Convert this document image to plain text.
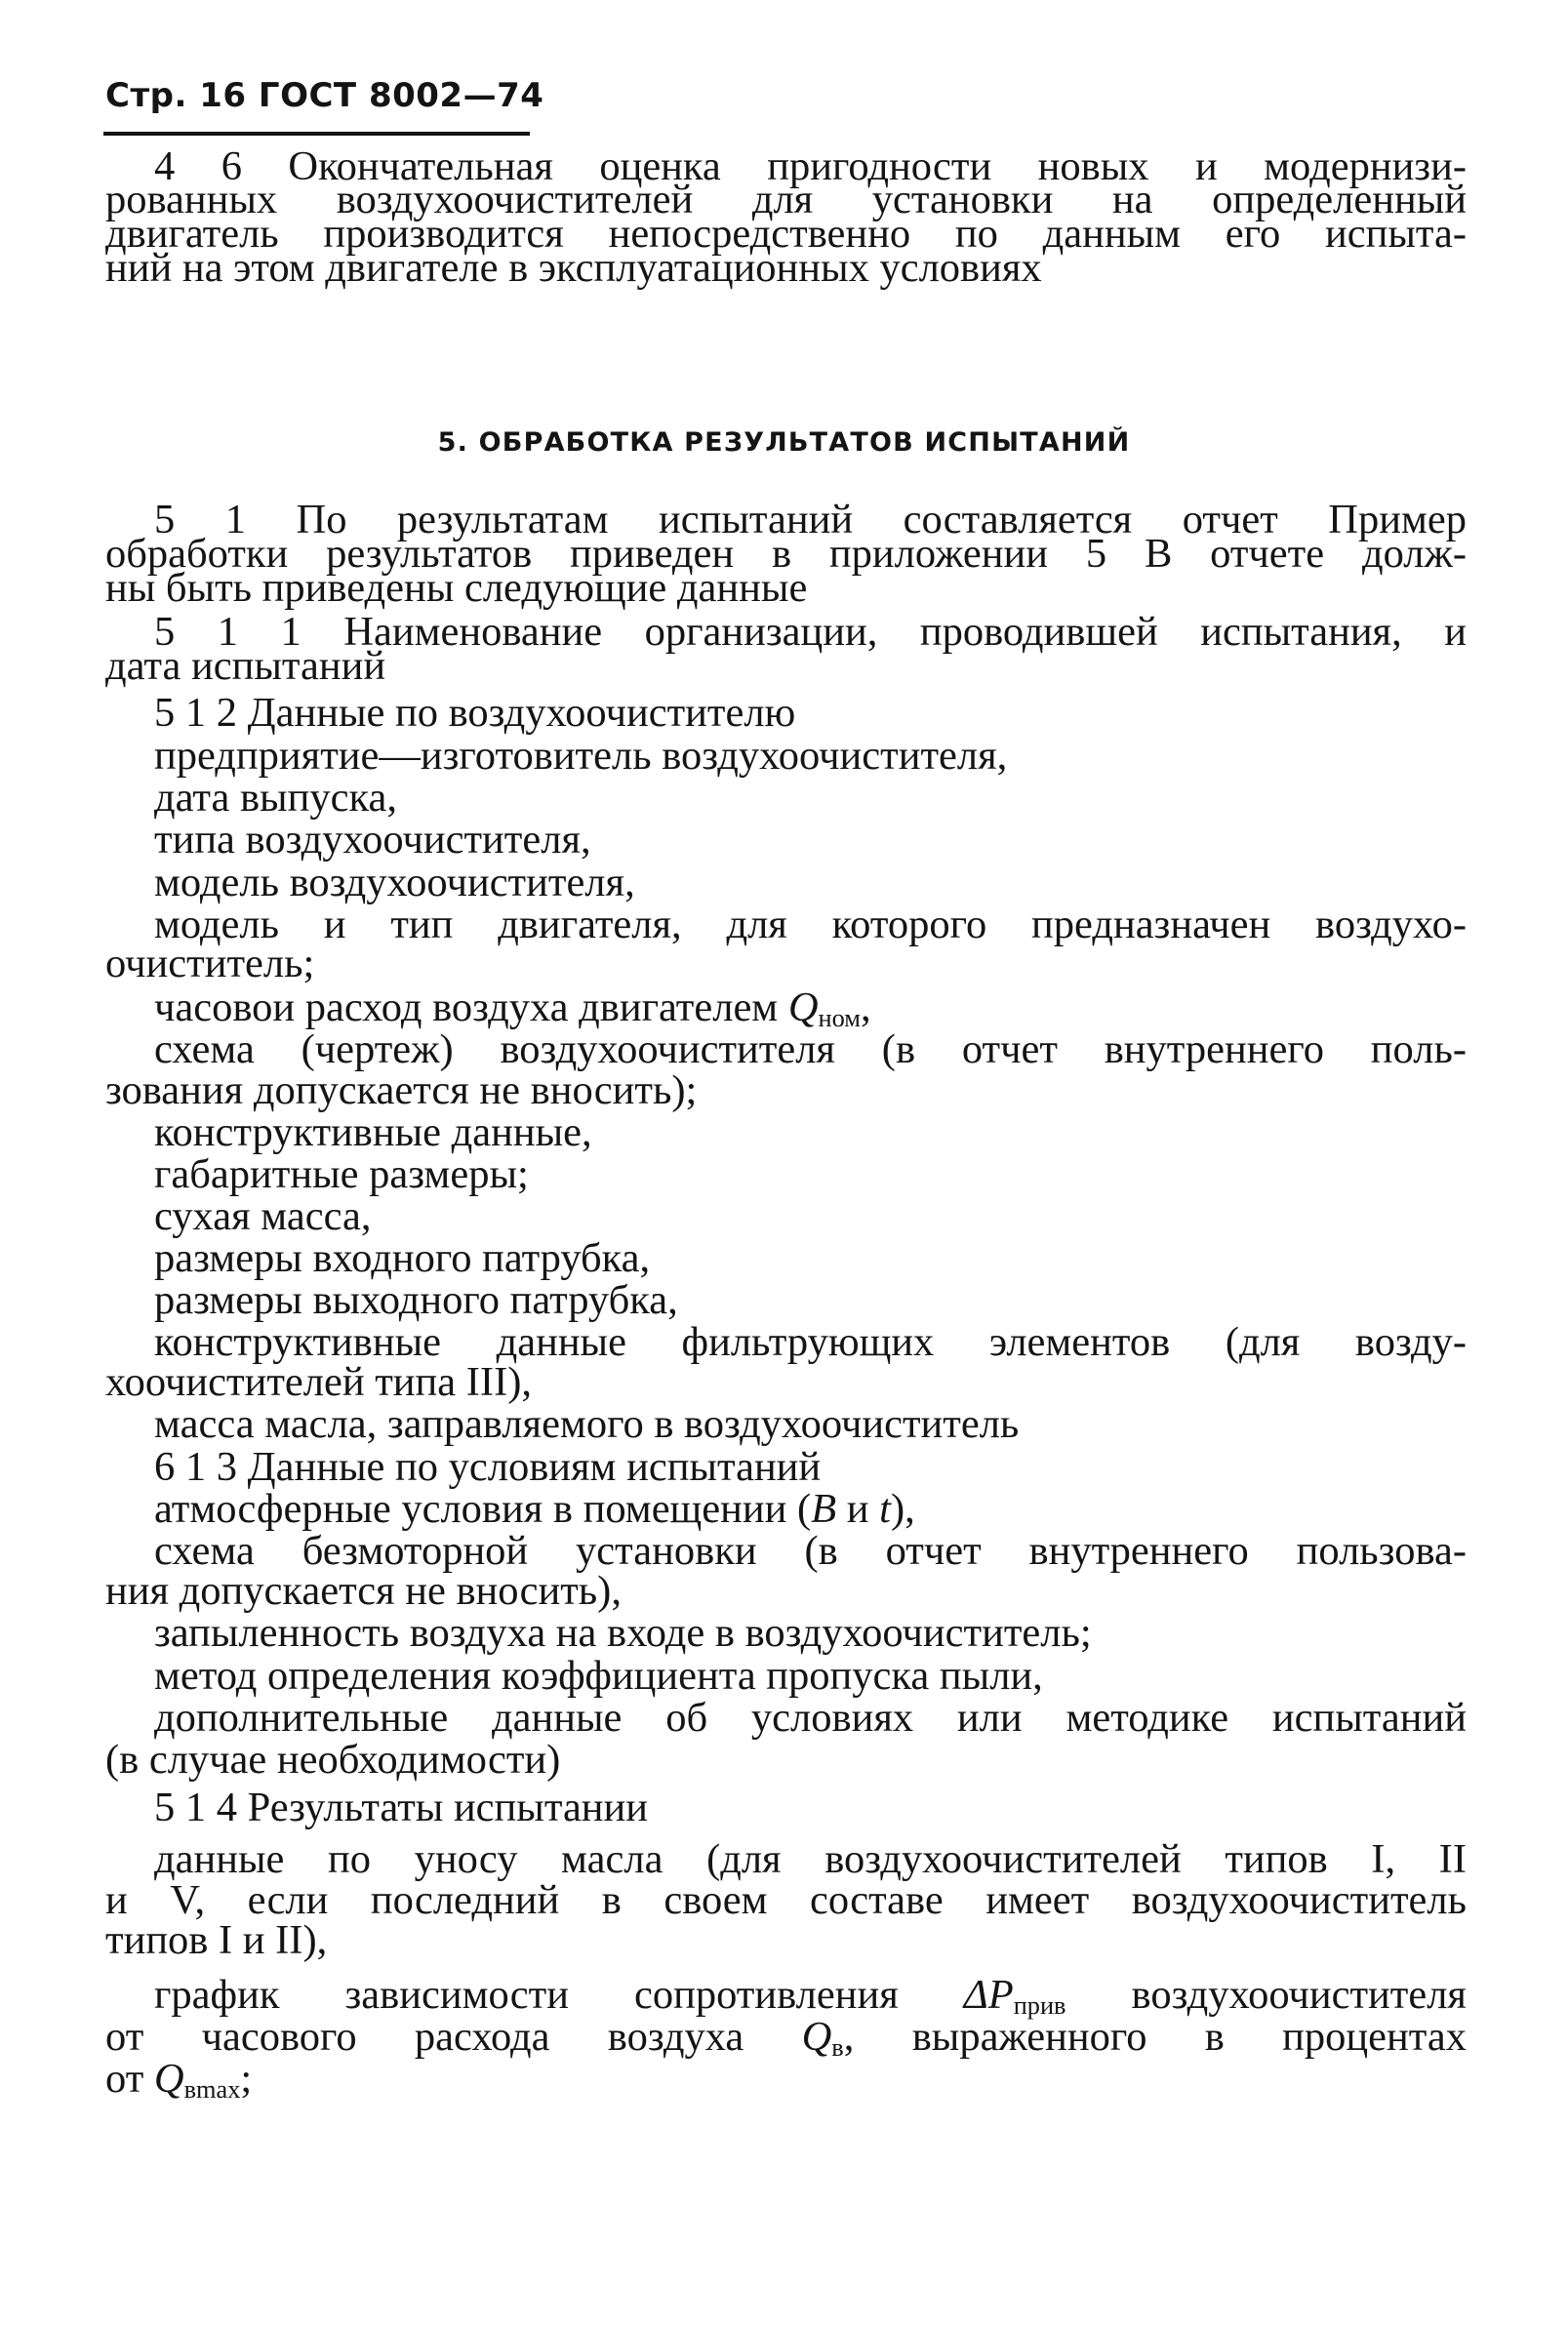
Стр. 16 ГОСТ 8002—74
4 6 Окончательная оценка пригодности новых и модернизи-
рованных воздухоочистителей для установки на определенный
двигатель производится непосредственно по данным его испыта-
ний на этом двигателе в эксплуатационных условиях
5. ОБРАБОТКА РЕЗУЛЬТАТОВ ИСПЫТАНИЙ
5 1 По результатам испытаний составляется отчет Пример
обработки результатов приведен в приложении 5 В отчете долж-
ны быть приведены следующие данные
5 1 1 Наименование организации, проводившей испытания, и
дата испытаний
5 1 2 Данные по воздухоочистителю
предприятие—изготовитель воздухоочистителя,
дата выпуска,
типа воздухоочистителя,
модель воздухоочистителя,
модель и тип двигателя, для которого предназначен воздухо-
очиститель;
часовои расход воздуха двигателем $Q_{ном}$,
схема (чертеж) воздухоочистителя (в отчет внутреннего поль-
зования допускается не вносить);
конструктивные данные,
габаритные размеры;
сухая масса,
размеры входного патрубка,
размеры выходного патрубка,
конструктивные данные фильтрующих элементов (для возду-
хоочистителей типа III),
масса масла, заправляемого в воздухоочиститель
6 1 3 Данные по условиям испытаний
атмосферные условия в помещении (B и t),
схема безмоторной установки (в отчет внутреннего пользова-
ния допускается не вносить),
запыленность воздуха на входе в воздухоочиститель;
метод определения коэффициента пропуска пыли,
дополнительные данные об условиях или методике испытаний
(в случае необходимости)
5 1 4 Результаты испытании
данные по уносу масла (для воздухоочистителей типов I, II
и V, если последний в своем составе имеет воздухоочиститель
типов I и II),
график зависимости сопротивления $\Delta P_{прив}$ воздухоочистителя
от часового расхода воздуха $Q_в$, выраженного в процентах
от $Q_{вmax}$;
